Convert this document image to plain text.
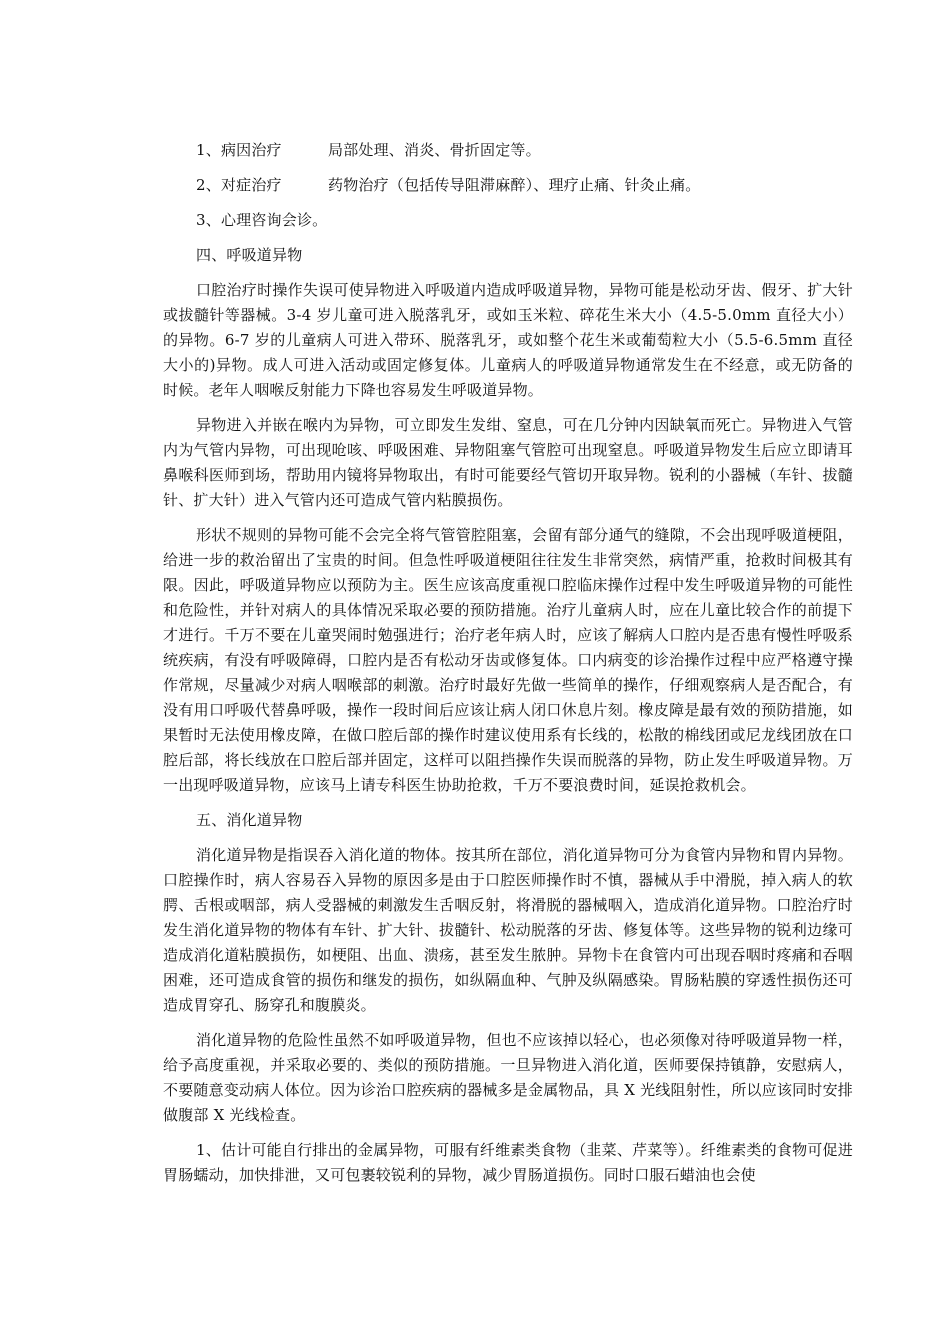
1、病因治疗	局部处理、消炎、骨折固定等。
2、对症治疗	药物治疗（包括传导阻滞麻醉）、理疗止痛、针灸止痛。
3、心理咨询会诊。
四、呼吸道异物

口腔治疗时操作失误可使异物进入呼吸道内造成呼吸道异物，异物可能是松动牙齿、假牙、扩大针或拔髓针等器械。3-4 岁儿童可进入脱落乳牙，或如玉米粒、碎花生米大小（4.5-5.0mm 直径大小）的异物。6-7 岁的儿童病人可进入带环、脱落乳牙，或如整个花生米或葡萄粒大小（5.5-6.5mm 直径大小的)异物。成人可进入活动或固定修复体。儿童病人的呼吸道异物通常发生在不经意，或无防备的时候。老年人咽喉反射能力下降也容易发生呼吸道异物。

异物进入并嵌在喉内为异物，可立即发生发绀、窒息，可在几分钟内因缺氧而死亡。异物进入气管内为气管内异物，可出现呛咳、呼吸困难、异物阻塞气管腔可出现窒息。呼吸道异物发生后应立即请耳鼻喉科医师到场，帮助用内镜将异物取出，有时可能要经气管切开取异物。锐利的小器械（车针、拔髓针、扩大针）进入气管内还可造成气管内粘膜损伤。

形状不规则的异物可能不会完全将气管管腔阻塞，会留有部分通气的缝隙，不会出现呼吸道梗阻，给进一步的救治留出了宝贵的时间。但急性呼吸道梗阻往往发生非常突然，病情严重，抢救时间极其有限。因此，呼吸道异物应以预防为主。医生应该高度重视口腔临床操作过程中发生呼吸道异物的可能性和危险性，并针对病人的具体情况采取必要的预防措施。治疗儿童病人时，应在儿童比较合作的前提下才进行。千万不要在儿童哭闹时勉强进行；治疗老年病人时，应该了解病人口腔内是否患有慢性呼吸系统疾病，有没有呼吸障碍，口腔内是否有松动牙齿或修复体。口内病变的诊治操作过程中应严格遵守操作常规，尽量减少对病人咽喉部的刺激。治疗时最好先做一些简单的操作，仔细观察病人是否配合，有没有用口呼吸代替鼻呼吸，操作一段时间后应该让病人闭口休息片刻。橡皮障是最有效的预防措施，如果暂时无法使用橡皮障，在做口腔后部的操作时建议使用系有长线的，松散的棉线团或尼龙线团放在口腔后部，将长线放在口腔后部并固定，这样可以阻挡操作失误而脱落的异物，防止发生呼吸道异物。万一出现呼吸道异物，应该马上请专科医生协助抢救，千万不要浪费时间，延误抢救机会。

五、消化道异物

消化道异物是指误吞入消化道的物体。按其所在部位，消化道异物可分为食管内异物和胃内异物。口腔操作时，病人容易吞入异物的原因多是由于口腔医师操作时不慎，器械从手中滑脱，掉入病人的软腭、舌根或咽部，病人受器械的刺激发生舌咽反射，将滑脱的器械咽入，造成消化道异物。口腔治疗时发生消化道异物的物体有车针、扩大针、拔髓针、松动脱落的牙齿、修复体等。这些异物的锐利边缘可造成消化道粘膜损伤，如梗阻、出血、溃疡，甚至发生脓肿。异物卡在食管内可出现吞咽时疼痛和吞咽困难，还可造成食管的损伤和继发的损伤，如纵隔血种、气肿及纵隔感染。胃肠粘膜的穿透性损伤还可造成胃穿孔、肠穿孔和腹膜炎。

消化道异物的危险性虽然不如呼吸道异物，但也不应该掉以轻心，也必须像对待呼吸道异物一样，给予高度重视，并采取必要的、类似的预防措施。一旦异物进入消化道，医师要保持镇静，安慰病人，不要随意变动病人体位。因为诊治口腔疾病的器械多是金属物品，具 X 光线阻射性，所以应该同时安排做腹部 X 光线检查。

1、估计可能自行排出的金属异物，可服有纤维素类食物（韭菜、芹菜等）。纤维素类的食物可促进胃肠蠕动，加快排泄，又可包裹较锐利的异物，减少胃肠道损伤。同时口服石蜡油也会使
